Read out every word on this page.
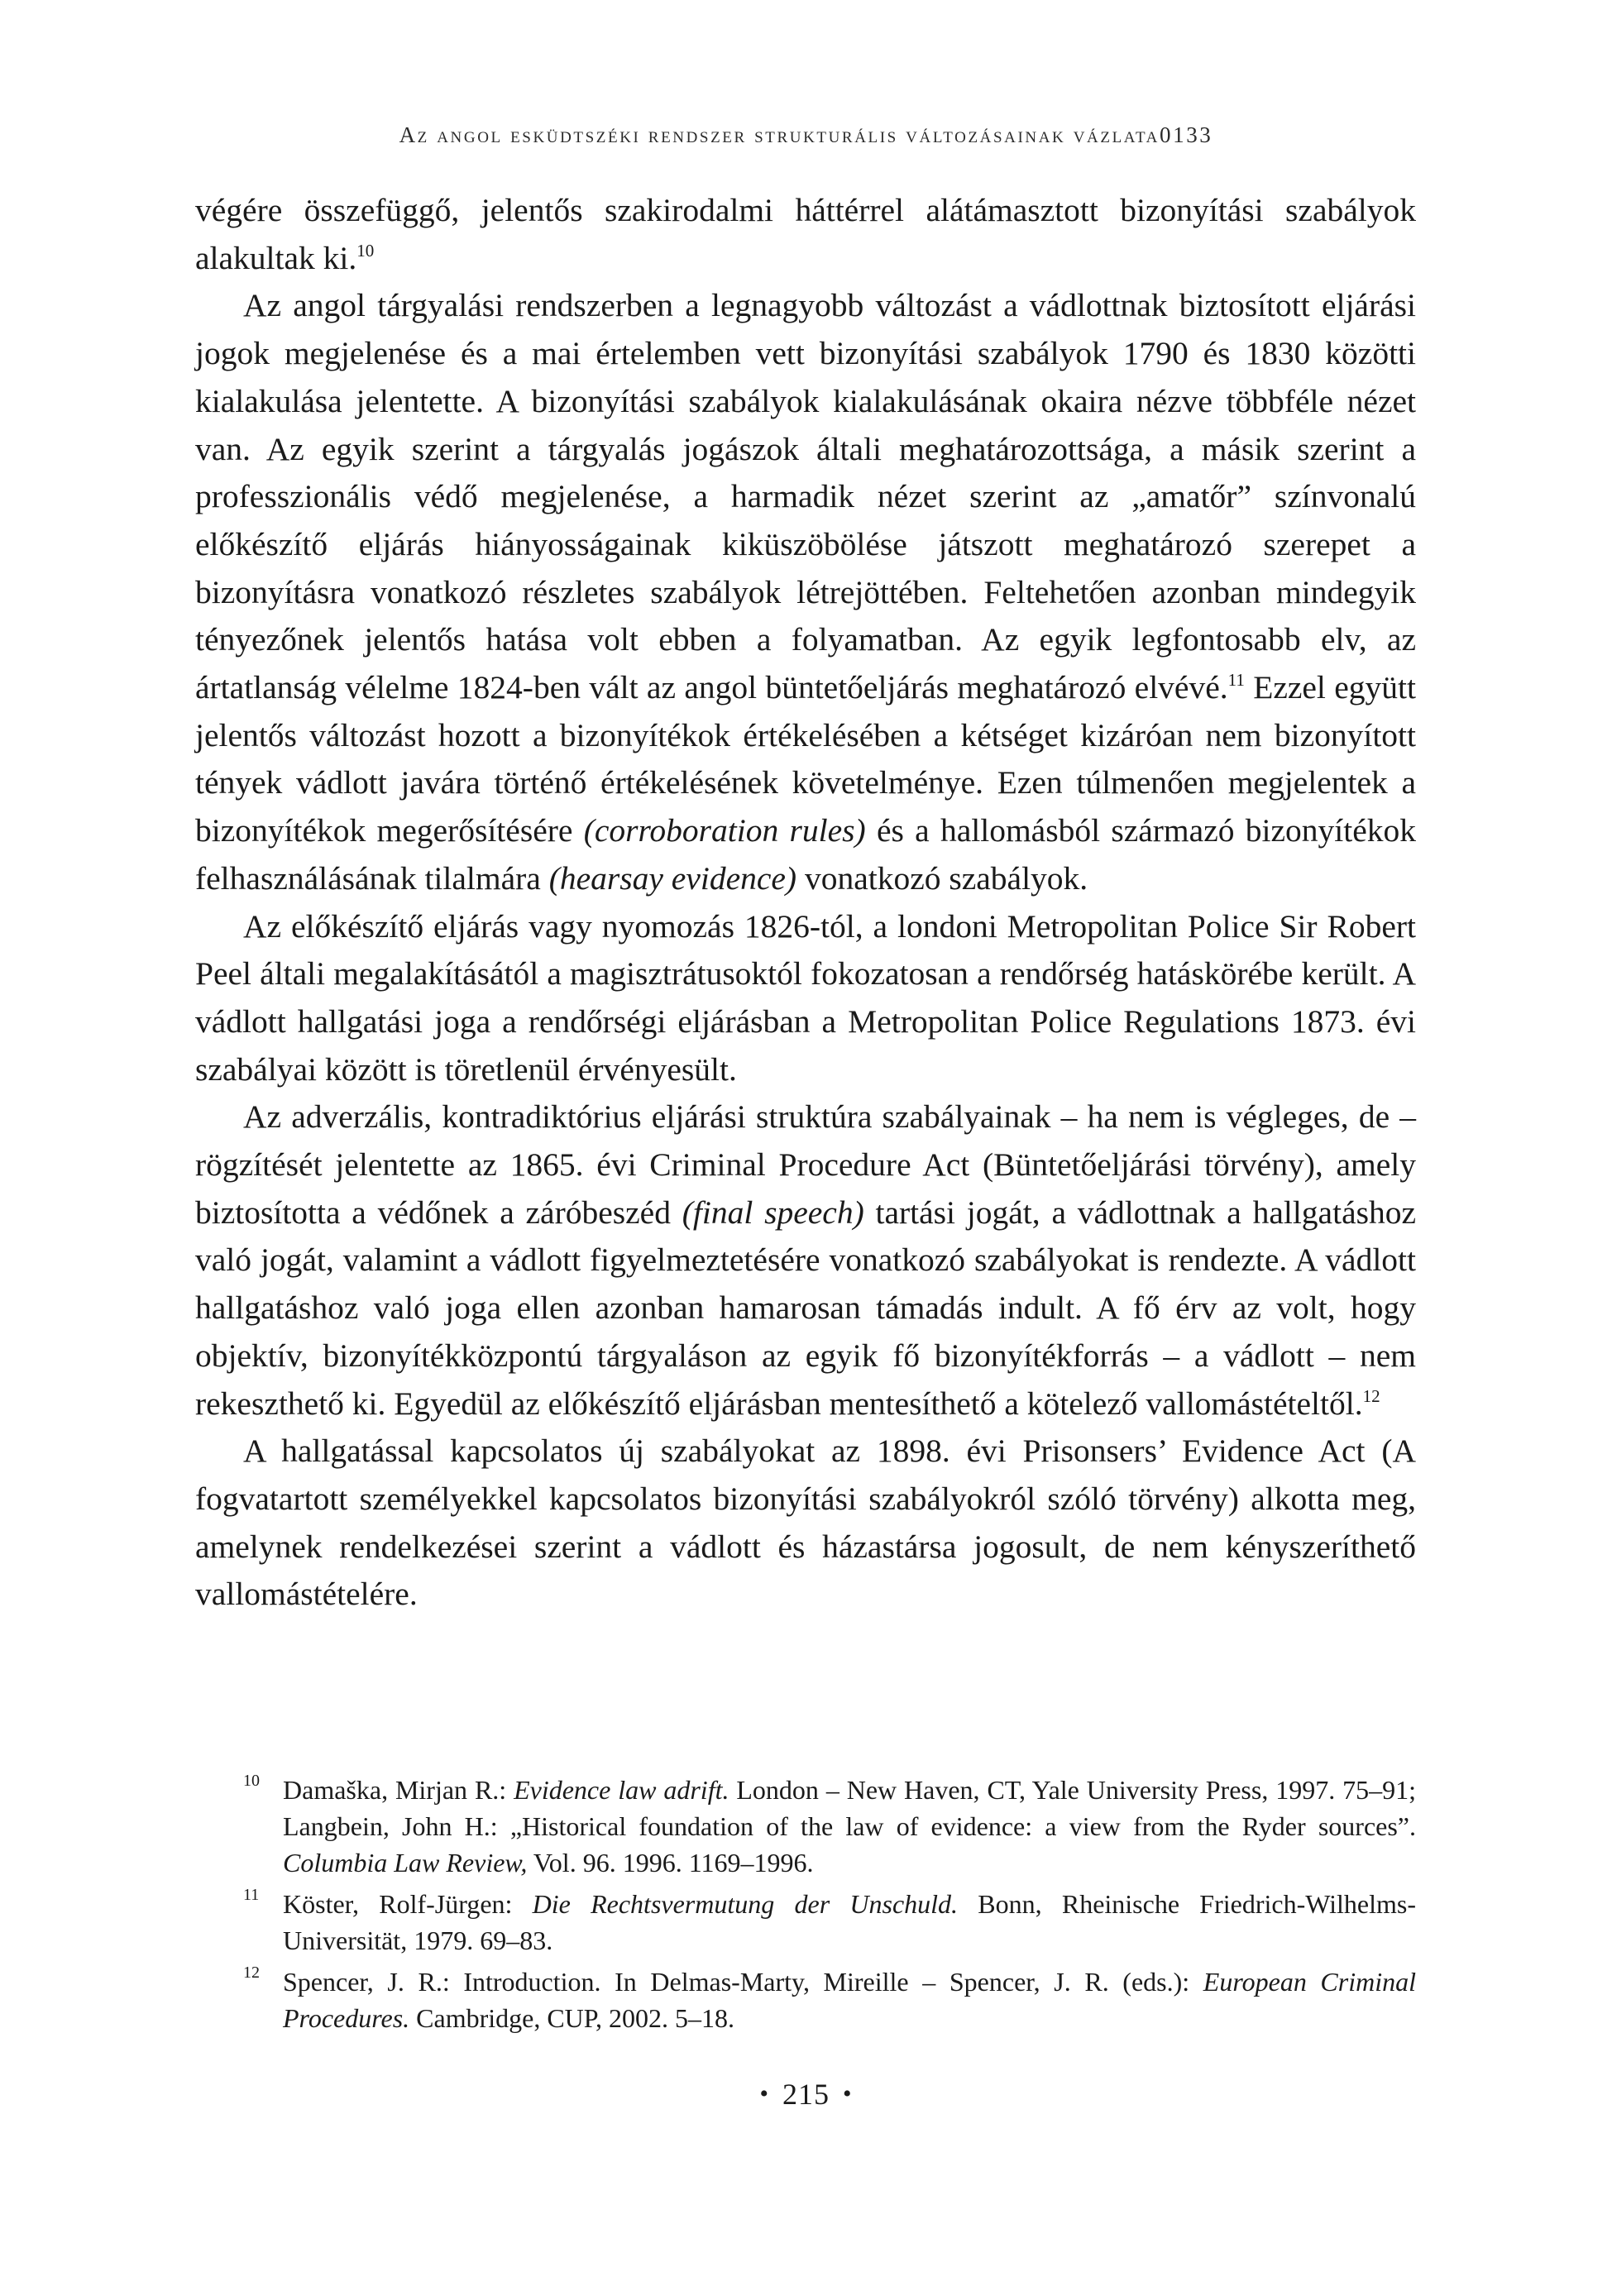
Az angol esküdtszéki rendszer strukturális változásainak vázlata0133

végére összefüggő, jelentős szakirodalmi háttérrel alátámasztott bizonyítási szabályok alakultak ki.$^{10}$

Az angol tárgyalási rendszerben a legnagyobb változást a vádlottnak biztosított eljárási jogok megjelenése és a mai értelemben vett bizonyítási szabályok 1790 és 1830 közötti kialakulása jelentette. A bizonyítási szabályok kialakulásának okaira nézve többféle nézet van. Az egyik szerint a tárgyalás jogászok általi meghatározottsága, a másik szerint a professzionális védő megjelenése, a harmadik nézet szerint az „amatőr” színvonalú előkészítő eljárás hiányosságainak kiküszöbölése játszott meghatározó szerepet a bizonyításra vonatkozó részletes szabályok létrejöttében. Feltehetően azonban mindegyik tényezőnek jelentős hatása volt ebben a folyamatban. Az egyik legfontosabb elv, az ártatlanság vélelme 1824-ben vált az angol büntetőeljárás meghatározó elvévé.$^{11}$ Ezzel együtt jelentős változást hozott a bizonyítékok értékelésében a kétséget kizáróan nem bizonyított tények vádlott javára történő értékelésének követelménye. Ezen túlmenően megjelentek a bizonyítékok megerősítésére (corroboration rules) és a hallomásból származó bizonyítékok felhasználásának tilalmára (hearsay evidence) vonatkozó szabályok.

Az előkészítő eljárás vagy nyomozás 1826-tól, a londoni Metropolitan Police Sir Robert Peel általi megalakításától a magisztrátusoktól fokozatosan a rendőrség hatáskörébe került. A vádlott hallgatási joga a rendőrségi eljárásban a Metropolitan Police Regulations 1873. évi szabályai között is töretlenül érvényesült.

Az adverzális, kontradiktórius eljárási struktúra szabályainak – ha nem is végleges, de – rögzítését jelentette az 1865. évi Criminal Procedure Act (Büntetőeljárási törvény), amely biztosította a védőnek a záróbeszéd (final speech) tartási jogát, a vádlottnak a hallgatáshoz való jogát, valamint a vádlott figyelmeztetésére vonatkozó szabályokat is rendezte. A vádlott hallgatáshoz való joga ellen azonban hamarosan támadás indult. A fő érv az volt, hogy objektív, bizonyítékközpontú tárgyaláson az egyik fő bizonyítékforrás – a vádlott – nem rekeszthető ki. Egyedül az előkészítő eljárásban mentesíthető a kötelező vallomástételtől.$^{12}$

A hallgatással kapcsolatos új szabályokat az 1898. évi Prisonsers’ Evidence Act (A fogvatartott személyekkel kapcsolatos bizonyítási szabályokról szóló törvény) alkotta meg, amelynek rendelkezései szerint a vádlott és házastársa jogosult, de nem kényszeríthető vallomástételére.

10 Damaška, Mirjan R.: Evidence law adrift. London – New Haven, CT, Yale University Press, 1997. 75–91; Langbein, John H.: „Historical foundation of the law of evidence: a view from the Ryder sources”. Columbia Law Review, Vol. 96. 1996. 1169–1996.
11 Köster, Rolf-Jürgen: Die Rechtsvermutung der Unschuld. Bonn, Rheinische Friedrich-Wilhelms-Universität, 1979. 69–83.
12 Spencer, J. R.: Introduction. In Delmas-Marty, Mireille – Spencer, J. R. (eds.): European Criminal Procedures. Cambridge, CUP, 2002. 5–18.
• 215 •
